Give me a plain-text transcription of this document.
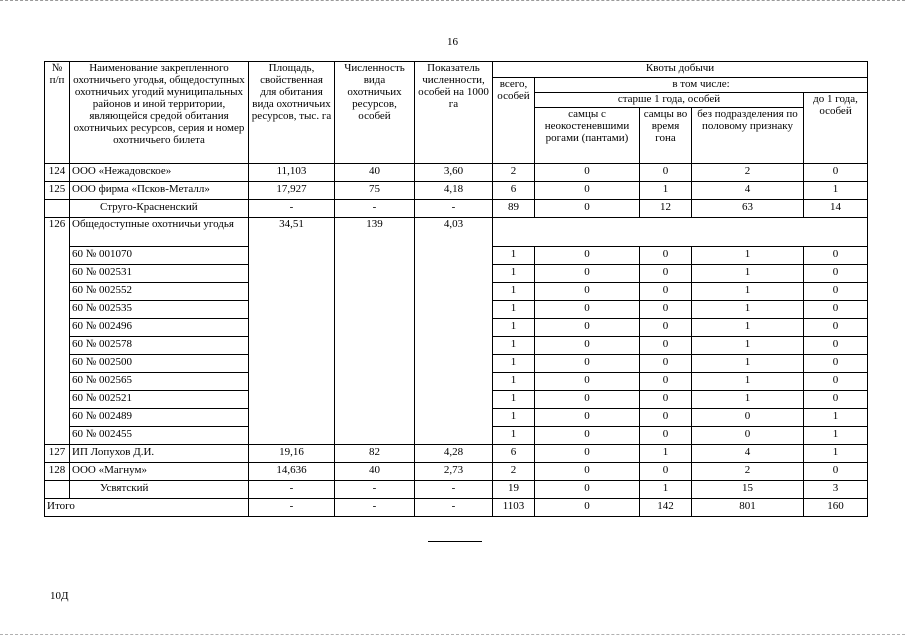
16
№ п/п	Наименование закрепленного охотничьего угодья, общедоступных охотничьих угодий муниципальных районов и иной территории, являющейся средой обитания охотничьих ресурсов, серия и номер охотничьего билета	Площадь, свойственная для обитания вида охотничьих ресурсов, тыс. га	Численность вида охотничьих ресурсов, особей	Показатель численности, особей на 1000 га	Квоты добычи				
					всего, особей	в том числе:			
						старше 1 года, особей			до 1 года, особей
						самцы с неокостеневшими рогами (пантами)	самцы во время гона	без подразделения по половому признаку	
124	ООО «Нежадовское»	11,103	40	3,60	2	0	0	2	0
125	ООО фирма «Псков-Металл»	17,927	75	4,18	6	0	1	4	1
	Струго-Красненский	-	-	-	89	0	12	63	14
126	Общедоступные охотничьи угодья	34,51	139	4,03					
	60 № 001070				1	0	0	1	0
	60 № 002531				1	0	0	1	0
	60 № 002552				1	0	0	1	0
	60 № 002535				1	0	0	1	0
	60 № 002496				1	0	0	1	0
	60 № 002578				1	0	0	1	0
	60 № 002500				1	0	0	1	0
	60 № 002565				1	0	0	1	0
	60 № 002521				1	0	0	1	0
	60 № 002489				1	0	0	0	1
	60 № 002455				1	0	0	0	1
127	ИП Лопухов Д.И.	19,16	82	4,28	6	0	1	4	1
128	ООО «Магнум»	14,636	40	2,73	2	0	0	2	0
	Усвятский	-	-	-	19	0	1	15	3
Итого		-	-	-	1103	0	142	801	160
10Д
